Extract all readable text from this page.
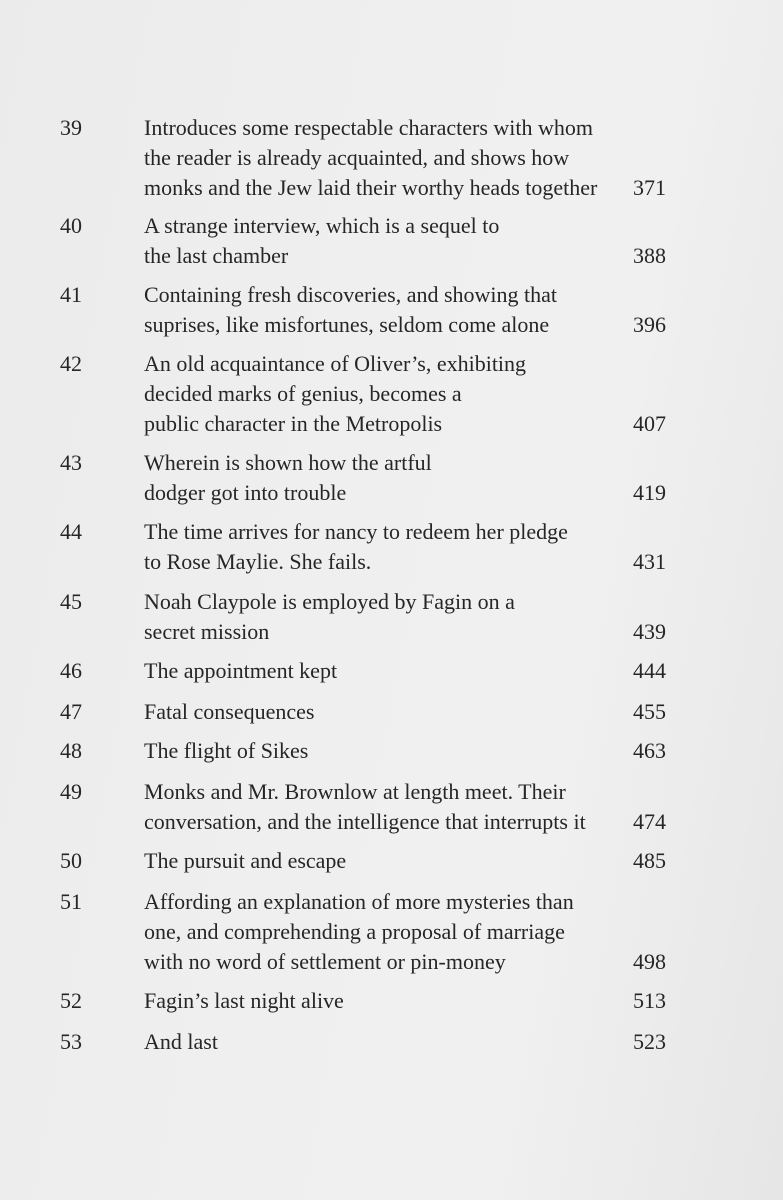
39	Introduces some respectable characters with whom
the reader is already acquainted, and shows how
monks and the Jew laid their worthy heads together	371
40	A strange interview, which is a sequel to
the last chamber	388
41	Containing fresh discoveries, and showing that
suprises, like misfortunes, seldom come alone	396
42	An old acquaintance of Oliver’s, exhibiting
decided marks of genius, becomes a
public character in the Metropolis	407
43	Wherein is shown how the artful
dodger got into trouble	419
44	The time arrives for nancy to redeem her pledge
to Rose Maylie. She fails.	431
45	Noah Claypole is employed by Fagin on a
secret mission	439
46	The appointment kept	444
47	Fatal consequences	455
48	The flight of Sikes	463
49	Monks and Mr. Brownlow at length meet. Their
conversation, and the intelligence that interrupts it	474
50	The pursuit and escape	485
51	Affording an explanation of more mysteries than
one, and comprehending a proposal of marriage
with no word of settlement or pin-money	498
52	Fagin’s last night alive	513
53	And last	523
